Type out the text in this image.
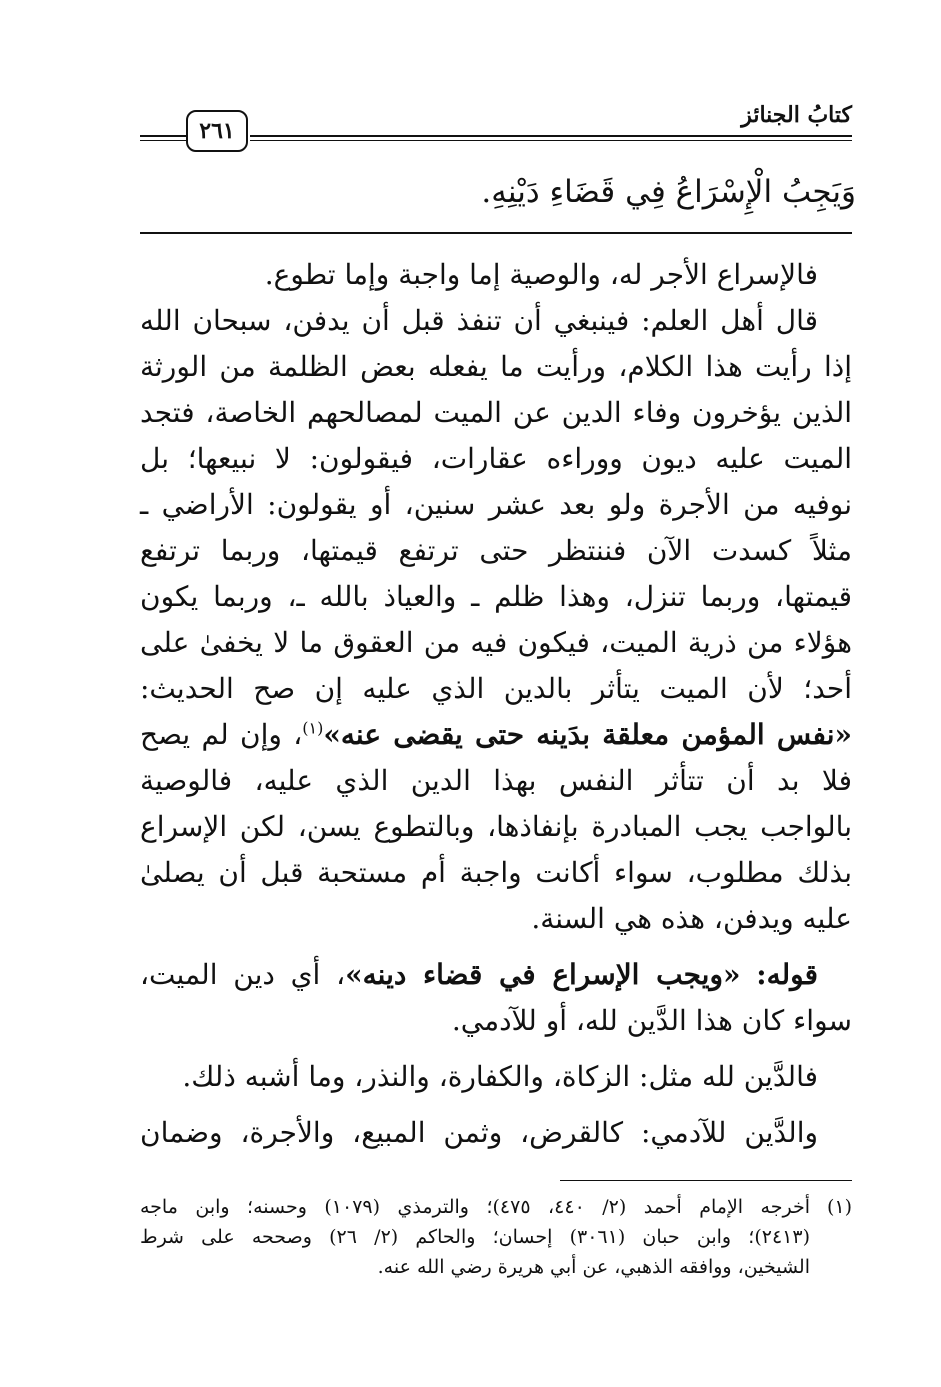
كتابُ الجنائز
٢٦١
وَيَجِبُ الْإِسْرَاعُ فِي قَضَاءِ دَيْنِهِ.
فالإسراع الأجر له، والوصية إما واجبة وإما تطوع.
قال أهل العلم: فينبغي أن تنفذ قبل أن يدفن، سبحان الله
إذا رأيت هذا الكلام، ورأيت ما يفعله بعض الظلمة من الورثة
الذين يؤخرون وفاء الدين عن الميت لمصالحهم الخاصة، فتجد
الميت عليه ديون ووراءه عقارات، فيقولون: لا نبيعها؛ بل
نوفيه من الأجرة ولو بعد عشر سنين، أو يقولون: الأراضي ـ
مثلاً كسدت الآن فننتظر حتى ترتفع قيمتها، وربما ترتفع
قيمتها، وربما تنزل، وهذا ظلم ـ والعياذ بالله ـ، وربما يكون
هؤلاء من ذرية الميت، فيكون فيه من العقوق ما لا يخفىٰ على
أحد؛ لأن الميت يتأثر بالدين الذي عليه إن صح الحديث:
«نفس المؤمن معلقة بدَينه حتى يقضى عنه»$^{(١)}$، وإن لم يصح
فلا بد أن تتأثر النفس بهذا الدين الذي عليه، فالوصية
بالواجب يجب المبادرة بإنفاذها، وبالتطوع يسن، لكن الإسراع
بذلك مطلوب، سواء أكانت واجبة أم مستحبة قبل أن يصلىٰ
عليه ويدفن، هذه هي السنة.
قوله: «ويجب الإسراع في قضاء دينه»، أي دين الميت،
سواء كان هذا الدَّين لله، أو للآدمي.
فالدَّين لله مثل: الزكاة، والكفارة، والنذر، وما أشبه ذلك.
والدَّين للآدمي: كالقرض، وثمن المبيع، والأجرة، وضمان
(١)أخرجه الإمام أحمد (٢/ ٤٤٠، ٤٧٥)؛ والترمذي (١٠٧٩) وحسنه؛ وابن ماجه
(٢٤١٣)؛ وابن حبان (٣٠٦١) إحسان؛ والحاكم (٢/ ٢٦) وصححه على شرط
الشيخين، ووافقه الذهبي، عن أبي هريرة رضي الله عنه.
